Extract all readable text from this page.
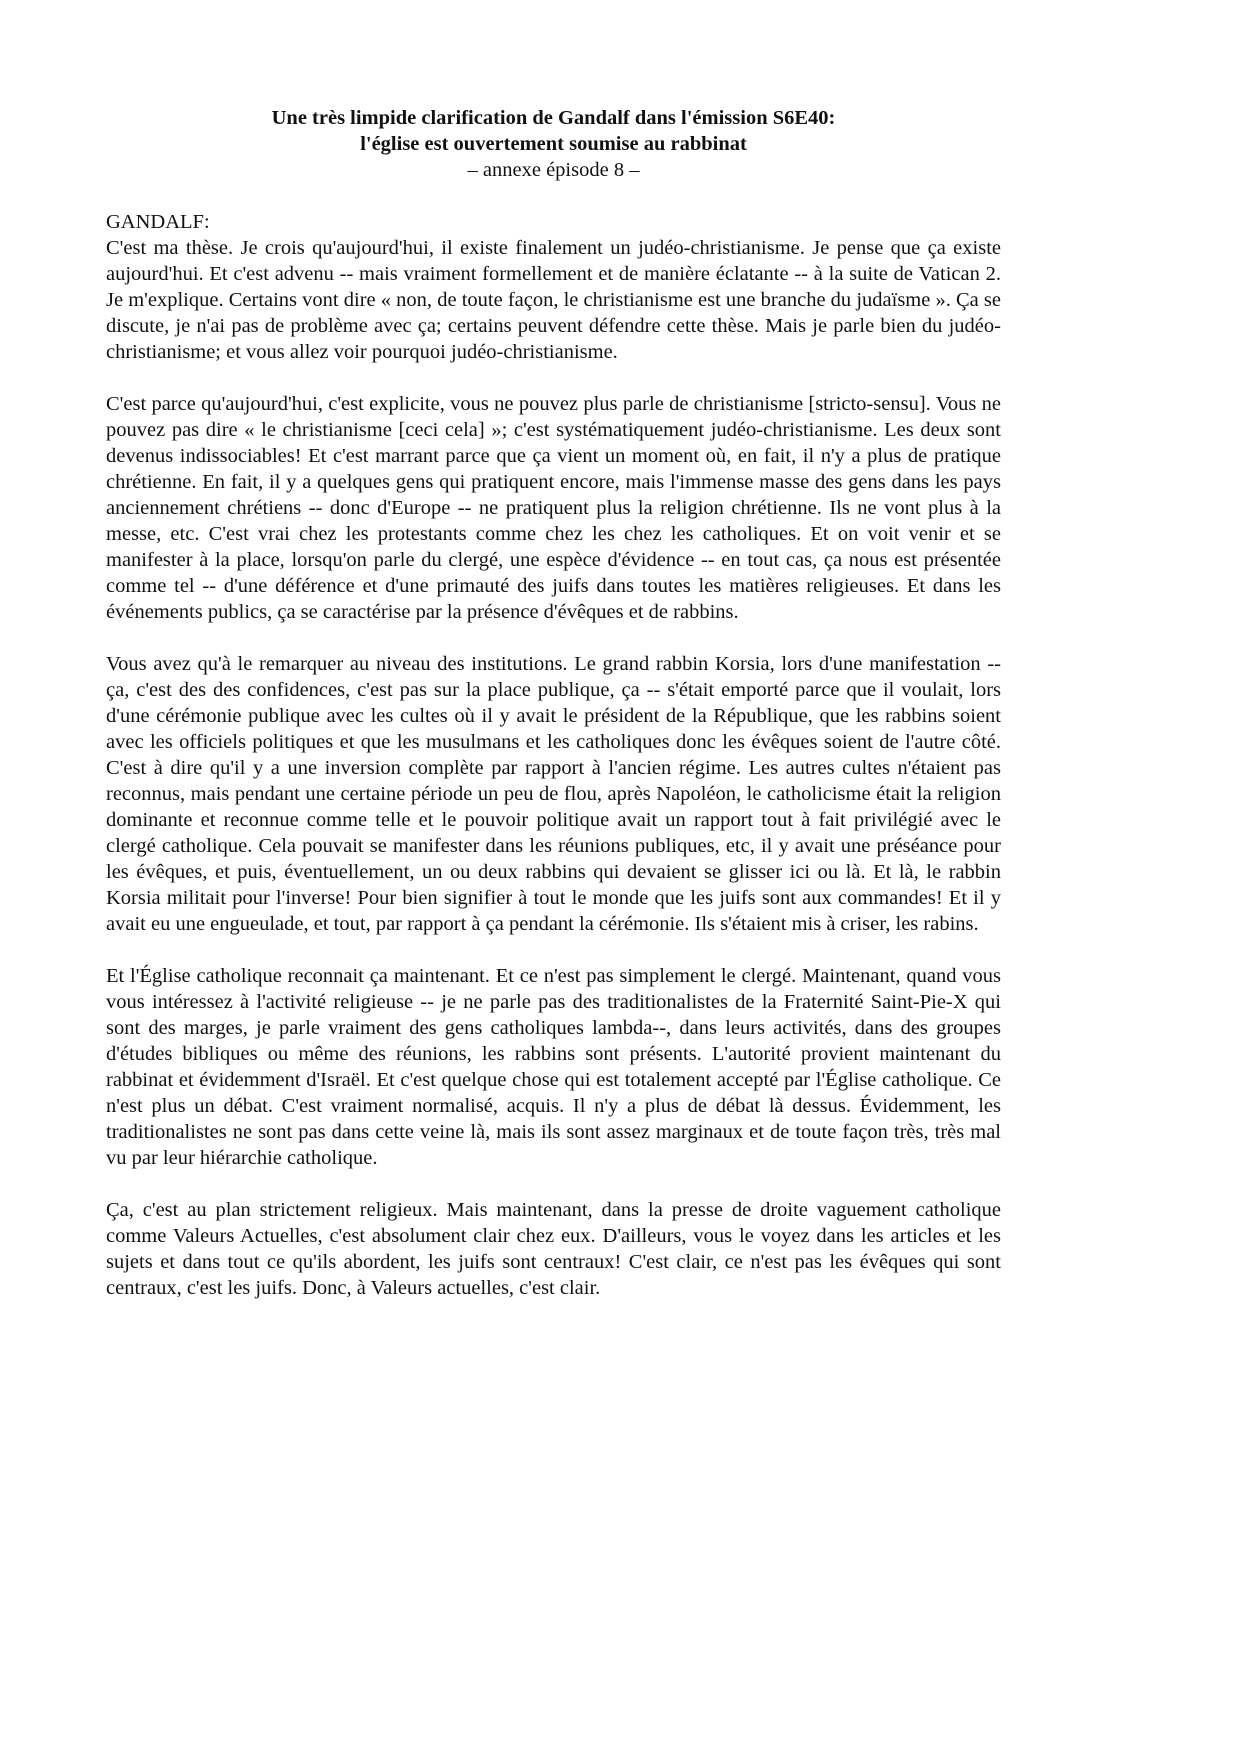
Une très limpide clarification de Gandalf dans l'émission S6E40:
l'église est ouvertement soumise au rabbinat
– annexe épisode 8 –
GANDALF:

C'est ma thèse. Je crois qu'aujourd'hui, il existe finalement un judéo-christianisme. Je pense que ça existe aujourd'hui. Et c'est advenu -- mais vraiment formellement et de manière éclatante -- à la suite de Vatican 2. Je m'explique. Certains vont dire « non, de toute façon, le christianisme est une branche du judaïsme ». Ça se discute, je n'ai pas de problème avec ça; certains peuvent défendre cette thèse. Mais je parle bien du judéo-christianisme; et vous allez voir pourquoi judéo-christianisme.

C'est parce qu'aujourd'hui, c'est explicite, vous ne pouvez plus parle de christianisme [stricto-sensu]. Vous ne pouvez pas dire « le christianisme [ceci cela] »; c'est systématiquement judéo-christianisme. Les deux sont devenus indissociables! Et c'est marrant parce que ça vient un moment où, en fait, il n'y a plus de pratique chrétienne. En fait, il y a quelques gens qui pratiquent encore, mais l'immense masse des gens dans les pays anciennement chrétiens -- donc d'Europe -- ne pratiquent plus la religion chrétienne. Ils ne vont plus à la messe, etc. C'est vrai chez les protestants comme chez les chez les catholiques. Et on voit venir et se manifester à la place, lorsqu'on parle du clergé, une espèce d'évidence -- en tout cas, ça nous est présentée comme tel -- d'une déférence et d'une primauté des juifs dans toutes les matières religieuses. Et dans les événements publics, ça se caractérise par la présence d'évêques et de rabbins.

Vous avez qu'à le remarquer au niveau des institutions. Le grand rabbin Korsia, lors d'une manifestation -- ça, c'est des des confidences, c'est pas sur la place publique, ça -- s'était emporté parce que il voulait, lors d'une cérémonie publique avec les cultes où il y avait le président de la République, que les rabbins soient avec les officiels politiques et que les musulmans et les catholiques donc les évêques soient de l'autre côté. C'est à dire qu'il y a une inversion complète par rapport à l'ancien régime. Les autres cultes n'étaient pas reconnus, mais pendant une certaine période un peu de flou, après Napoléon, le catholicisme était la religion dominante et reconnue comme telle et le pouvoir politique avait un rapport tout à fait privilégié avec le clergé catholique. Cela pouvait se manifester dans les réunions publiques, etc, il y avait une préséance pour les évêques, et puis, éventuellement, un ou deux rabbins qui devaient se glisser ici ou là. Et là, le rabbin Korsia militait pour l'inverse! Pour bien signifier à tout le monde que les juifs sont aux commandes! Et il y avait eu une engueulade, et tout, par rapport à ça pendant la cérémonie. Ils s'étaient mis à criser, les rabins.

Et l'Église catholique reconnait ça maintenant. Et ce n'est pas simplement le clergé. Maintenant, quand vous vous intéressez à l'activité religieuse -- je ne parle pas des traditionalistes de la Fraternité Saint-Pie-X qui sont des marges, je parle vraiment des gens catholiques lambda--, dans leurs activités, dans des groupes d'études bibliques ou même des réunions, les rabbins sont présents. L'autorité provient maintenant du rabbinat et évidemment d'Israël. Et c'est quelque chose qui est totalement accepté par l'Église catholique. Ce n'est plus un débat. C'est vraiment normalisé, acquis. Il n'y a plus de débat là dessus. Évidemment, les traditionalistes ne sont pas dans cette veine là, mais ils sont assez marginaux et de toute façon très, très mal vu par leur hiérarchie catholique.

Ça, c'est au plan strictement religieux. Mais maintenant, dans la presse de droite vaguement catholique comme Valeurs Actuelles, c'est absolument clair chez eux. D'ailleurs, vous le voyez dans les articles et les sujets et dans tout ce qu'ils abordent, les juifs sont centraux! C'est clair, ce n'est pas les évêques qui sont centraux, c'est les juifs. Donc, à Valeurs actuelles, c'est clair.
